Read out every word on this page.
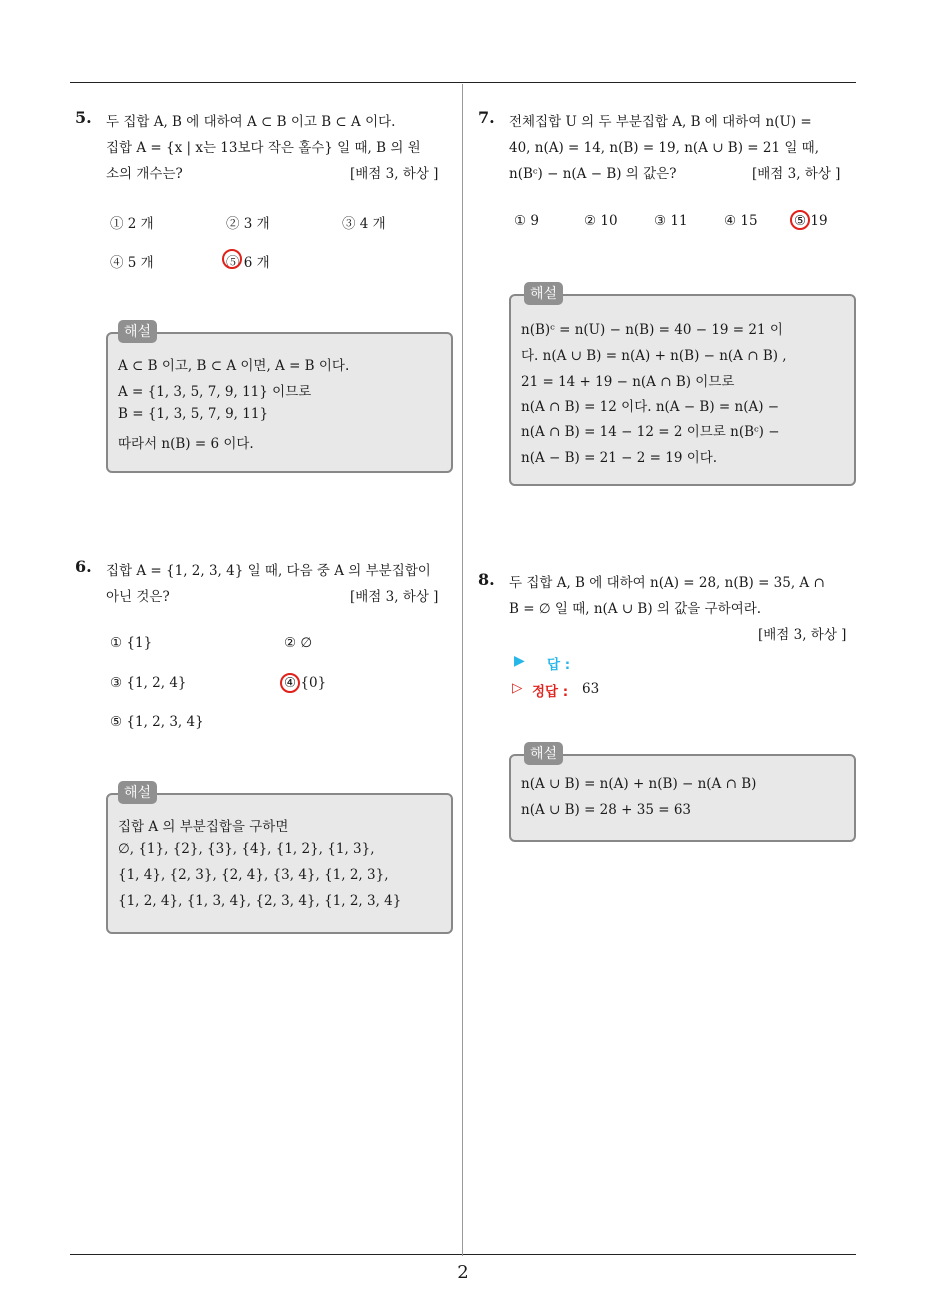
2
5. 두 집합 A, B 에 대하여 A ⊂ B 이고 B ⊂ A 이다.
집합 A = {x | x는 13보다 작은 홀수} 일 때, B 의 원
소의 개수는?	[배점 3, 하상 ]
① 2 개	② 3 개	③ 4 개
④ 5 개	⑤ 6 개
해설
A ⊂ B 이고, B ⊂ A 이면, A = B 이다.
A = {1, 3, 5, 7, 9, 11} 이므로
B = {1, 3, 5, 7, 9, 11}
따라서 n(B) = 6 이다.
6. 집합 A = {1, 2, 3, 4} 일 때, 다음 중 A 의 부분집합이
아닌 것은?	[배점 3, 하상 ]
① {1}	② ∅
③ {1, 2, 4}	④ {0}
⑤ {1, 2, 3, 4}
해설
집합 A 의 부분집합을 구하면
∅, {1}, {2}, {3}, {4}, {1, 2}, {1, 3},
{1, 4}, {2, 3}, {2, 4}, {3, 4}, {1, 2, 3},
{1, 2, 4}, {1, 3, 4}, {2, 3, 4}, {1, 2, 3, 4}
7. 전체집합 U 의 두 부분집합 A, B 에 대하여 n(U) =
40, n(A) = 14, n(B) = 19, n(A ∪ B) = 21 일 때,
n(Bᶜ) − n(A − B) 의 값은?	[배점 3, 하상 ]
① 9	② 10	③ 11	④ 15	⑤ 19
해설
n(B)ᶜ = n(U) − n(B) = 40 − 19 = 21 이
다. n(A ∪ B) = n(A) + n(B) − n(A ∩ B) ,
21 = 14 + 19 − n(A ∩ B) 이므로
n(A ∩ B) = 12 이다. n(A − B) = n(A) −
n(A ∩ B) = 14 − 12 = 2 이므로 n(Bᶜ) −
n(A − B) = 21 − 2 = 19 이다.
8. 두 집합 A, B 에 대하여 n(A) = 28, n(B) = 35, A ∩
B = ∅ 일 때, n(A ∪ B) 의 값을 구하여라.
[배점 3, 하상 ]
▶ 답 :
▷ 정답 : 63
해설
n(A ∪ B) = n(A) + n(B) − n(A ∩ B)
n(A ∪ B) = 28 + 35 = 63
